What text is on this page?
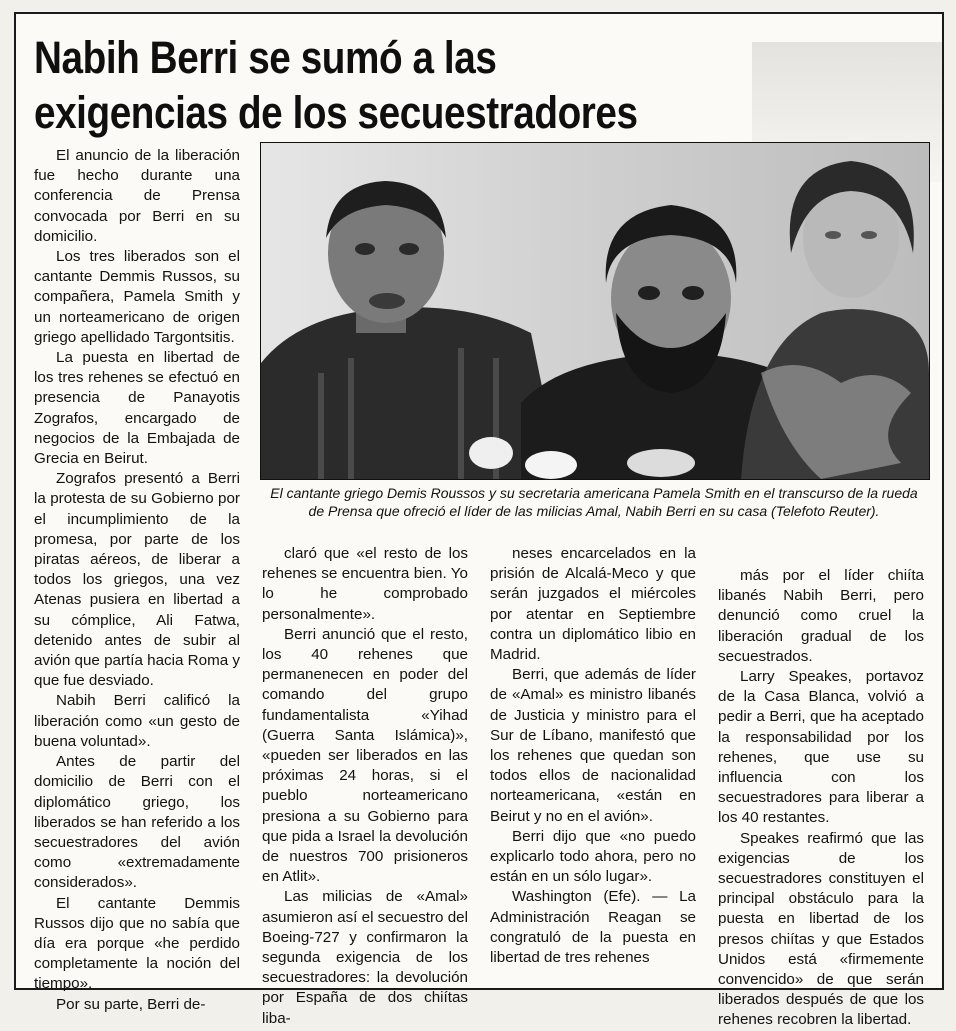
Nabih Berri se sumó a las exigencias de los secuestradores

El anuncio de la liberación fue hecho durante una conferencia de Prensa convocada por Berri en su domicilio.

Los tres liberados son el cantante Demmis Russos, su compañera, Pamela Smith y un norteamericano de origen griego apellidado Targontsitis.

La puesta en libertad de los tres rehenes se efectuó en presencia de Panayotis Zografos, encargado de negocios de la Embajada de Grecia en Beirut.

Zografos presentó a Berri la protesta de su Gobierno por el incumplimiento de la promesa, por parte de los piratas aéreos, de liberar a todos los griegos, una vez Atenas pusiera en libertad a su cómplice, Ali Fatwa, detenido antes de subir al avión que partía hacia Roma y que fue desviado.

Nabih Berri calificó la liberación como «un gesto de buena voluntad».

Antes de partir del domicilio de Berri con el diplomático griego, los liberados se han referido a los secuestradores del avión como «extremadamente considerados».

El cantante Demmis Russos dijo que no sabía que día era porque «he perdido completamente la noción del tiempo».

Por su parte, Berri de-

El cantante griego Demis Roussos y su secretaria americana Pamela Smith en el transcurso de la rueda de Prensa que ofreció el líder de las milicias Amal, Nabih Berri en su casa (Telefoto Reuter).

claró que «el resto de los rehenes se encuentra bien. Yo lo he comprobado personalmente».

Berri anunció que el resto, los 40 rehenes que permanenecen en poder del comando del grupo fundamentalista «Yihad (Guerra Santa Islámica)», «pueden ser liberados en las próximas 24 horas, si el pueblo norteamericano presiona a su Gobierno para que pida a Israel la devolución de nuestros 700 prisioneros en Atlit».

Las milicias de «Amal» asumieron así el secuestro del Boeing-727 y confirmaron la segunda exigencia de los secuestradores: la devolución por España de dos chiítas liba-

neses encarcelados en la prisión de Alcalá-Meco y que serán juzgados el miércoles por atentar en Septiembre contra un diplomático libio en Madrid.

Berri, que además de líder de «Amal» es ministro libanés de Justicia y ministro para el Sur de Líbano, manifestó que los rehenes que quedan son todos ellos de nacionalidad norteamericana, «están en Beirut y no en el avión».

Berri dijo que «no puedo explicarlo todo ahora, pero no están en un sólo lugar».

Washington (Efe). — La Administración Reagan se congratuló de la puesta en libertad de tres rehenes

más por el líder chiíta libanés Nabih Berri, pero denunció como cruel la liberación gradual de los secuestrados.

Larry Speakes, portavoz de la Casa Blanca, volvió a pedir a Berri, que ha aceptado la responsabilidad por los rehenes, que use su influencia con los secuestradores para liberar a los 40 restantes.

Speakes reafirmó que las exigencias de los secuestradores constituyen el principal obstáculo para la puesta en libertad de los presos chiítas y que Estados Unidos está «firmemente convencido» de que serán liberados después de que los rehenes recobren la libertad.
